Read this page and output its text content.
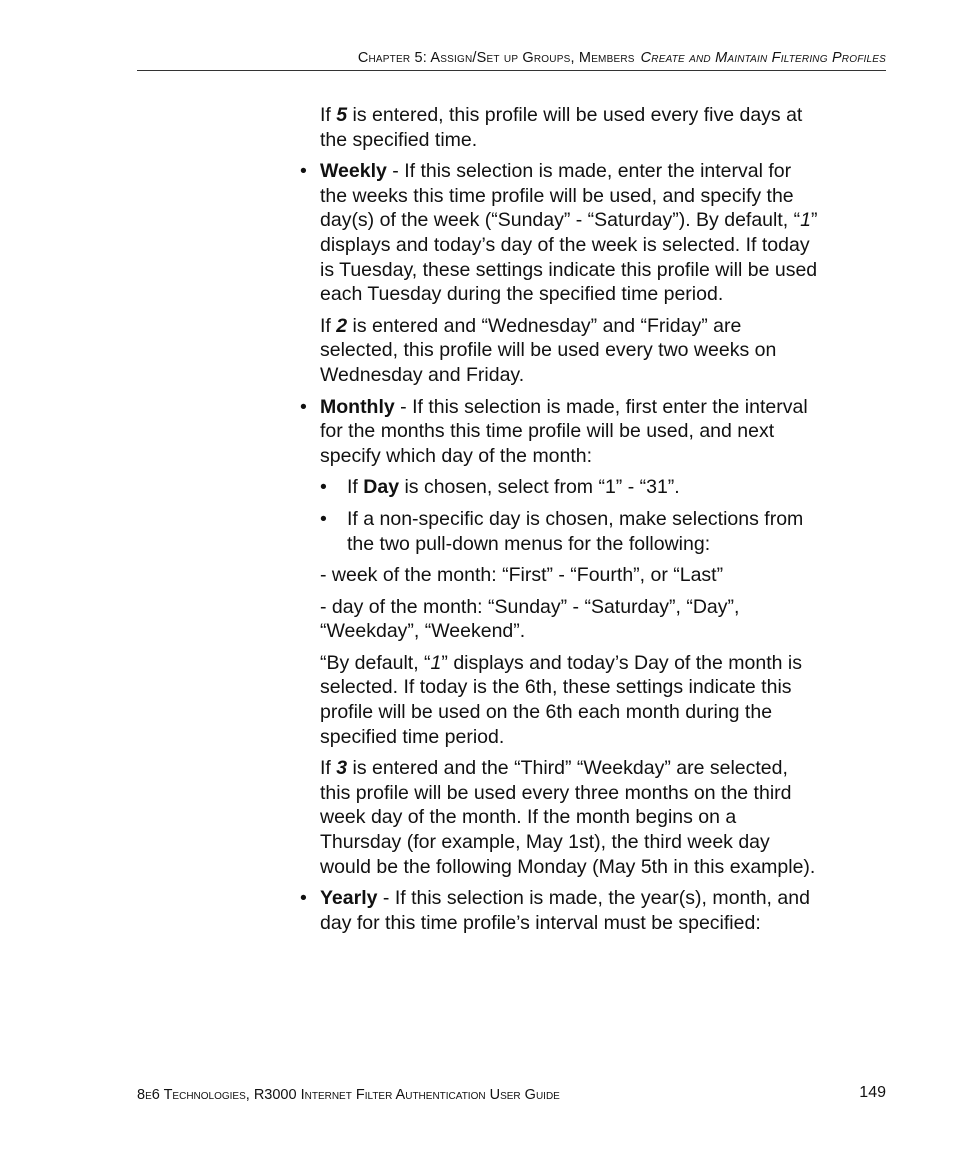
Chapter 5: Assign/Set up Groups, Members Create and Maintain Filtering Profiles

If 5 is entered, this profile will be used every five days at the specified time.

• Weekly - If this selection is made, enter the interval for the weeks this time profile will be used, and specify the day(s) of the week (“Sunday” - “Saturday”). By default, “1” displays and today’s day of the week is selected. If today is Tuesday, these settings indicate this profile will be used each Tuesday during the specified time period.

If 2 is entered and “Wednesday” and “Friday” are selected, this profile will be used every two weeks on Wednesday and Friday.

• Monthly - If this selection is made, first enter the interval for the months this time profile will be used, and next specify which day of the month:

• If Day is chosen, select from “1” - “31”.
• If a non-specific day is chosen, make selections from the two pull-down menus for the following:

- week of the month: “First” - “Fourth”, or “Last”

- day of the month: “Sunday” - “Saturday”, “Day”, “Weekday”, “Weekend”.

“By default, “1” displays and today’s Day of the month is selected. If today is the 6th, these settings indicate this profile will be used on the 6th each month during the specified time period.

If 3 is entered and the “Third” “Weekday” are selected, this profile will be used every three months on the third week day of the month. If the month begins on a Thursday (for example, May 1st), the third week day would be the following Monday (May 5th in this example).

• Yearly - If this selection is made, the year(s), month, and day for this time profile’s interval must be specified:

8e6 Technologies, R3000 Internet Filter Authentication User Guide	149
